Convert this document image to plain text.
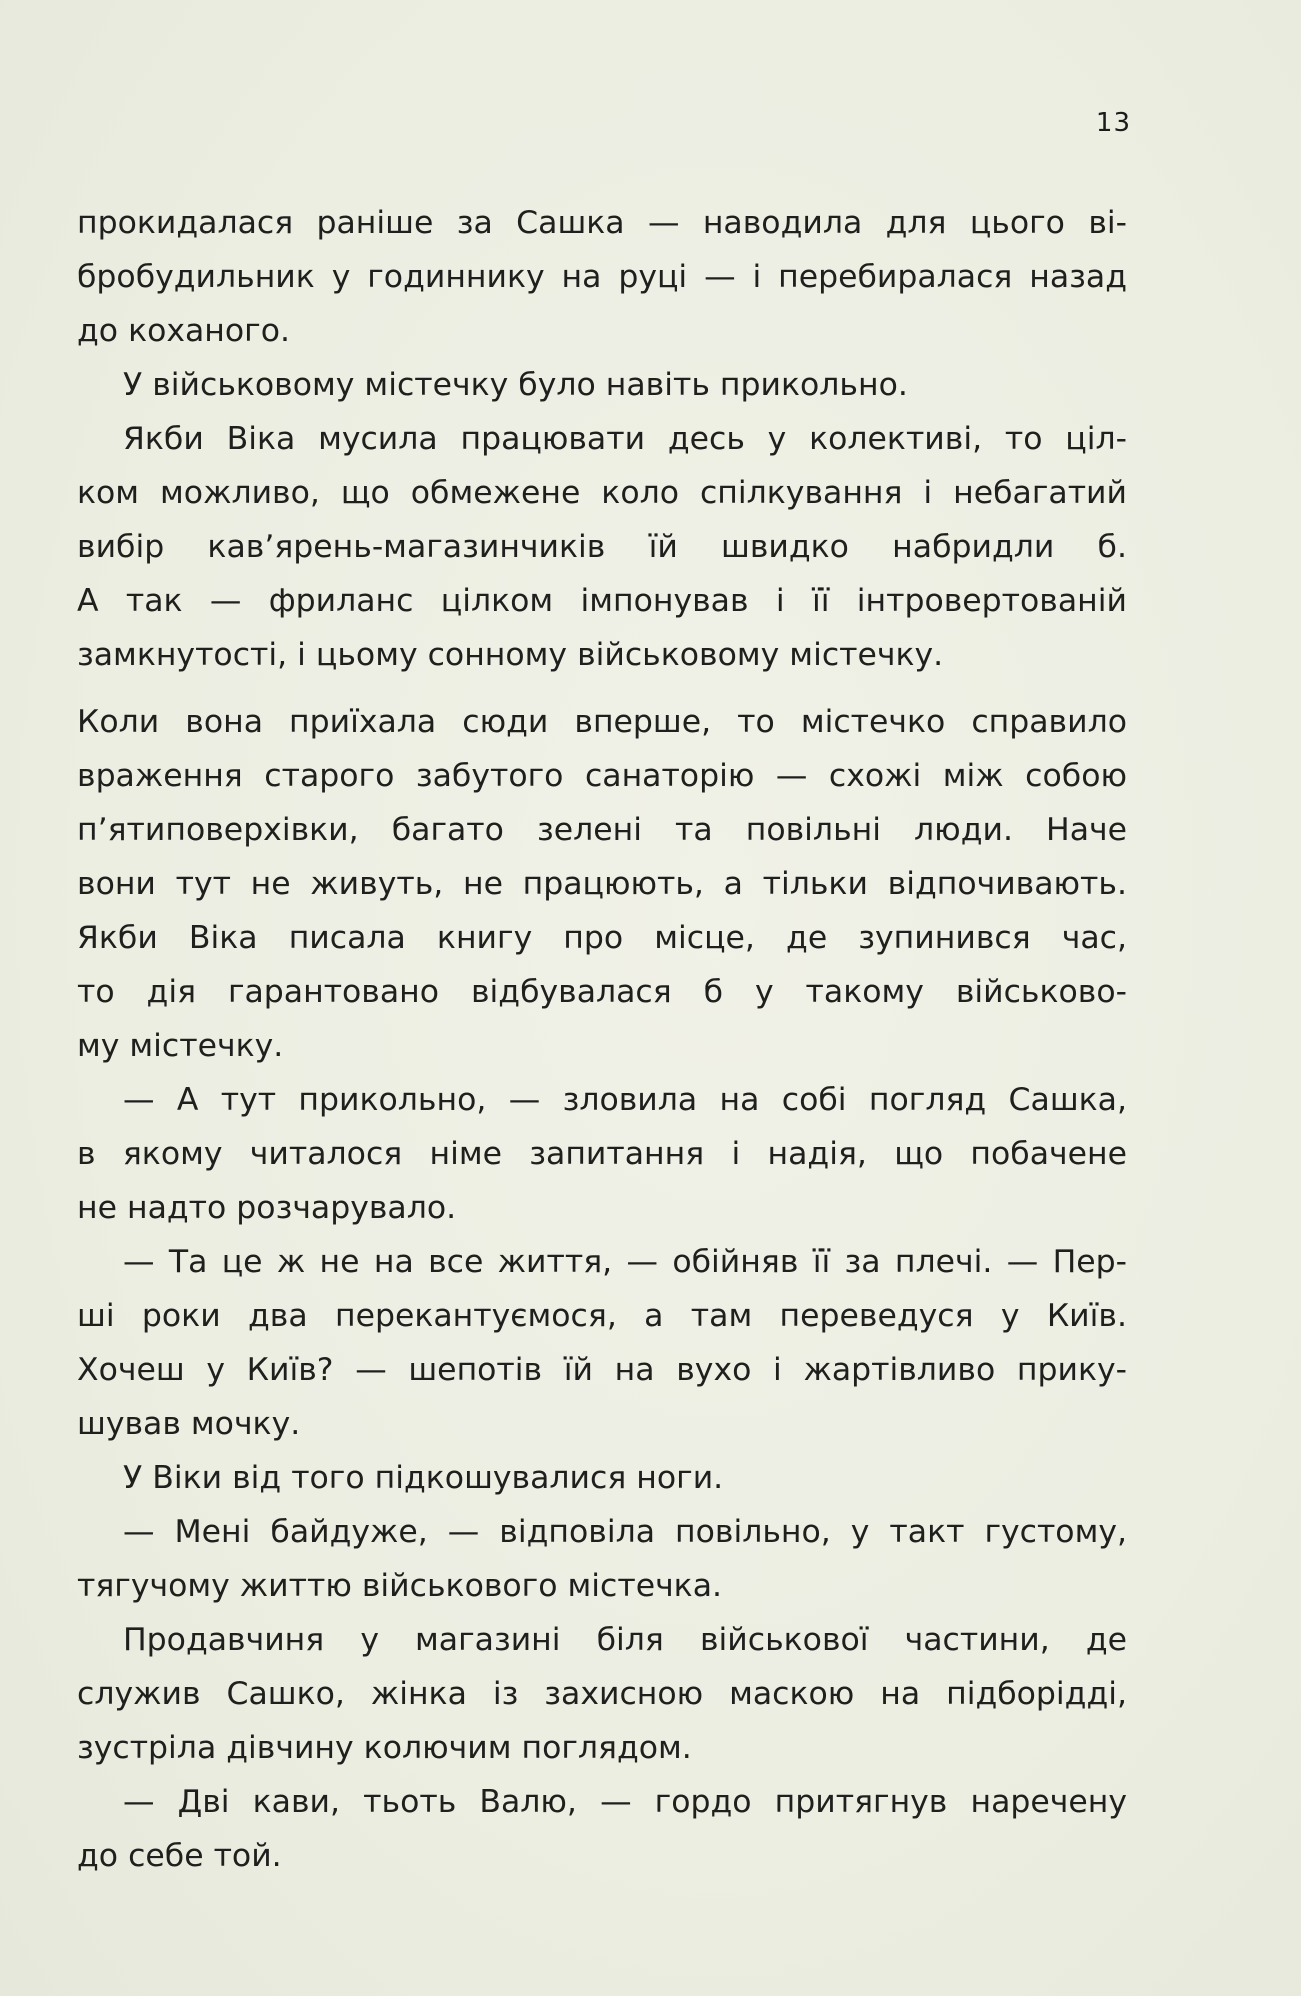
13
прокидалася раніше за Сашка — наводила для цього ві-
бробудильник у годиннику на руці — і перебиралася назад
до коханого.
У військовому містечку було навіть прикольно.
Якби Віка мусила працювати десь у колективі, то цiл-
ком можливо, що обмежене коло спілкування і небагатий
вибір кав’ярень-магазинчиків їй швидко набридли б.
А так — фриланс цілком імпонував і її інтровертованій
замкнутості, і цьому сонному військовому містечку.
Коли вона приїхала сюди вперше, то містечко справило
враження старого забутого санаторію — схожі між собою
п’ятиповерхівки, багато зелені та повільні люди. Наче
вони тут не живуть, не працюють, а тільки відпочивають.
Якби Віка писала книгу про місце, де зупинився час,
то дія гарантовано відбувалася б у такому військово-
му містечку.
— А тут прикольно, — зловила на собі погляд Сашка,
в якому читалося німе запитання і надія, що побачене
не надто розчарувало.
— Та це ж не на все життя, — обійняв її за плечі. — Пер-
ші роки два перекантуємося, а там переведуся у Київ.
Хочеш у Київ? — шепотів їй на вухо і жартівливо прику-
шував мочку.
У Віки від того підкошувалися ноги.
— Мені байдуже, — відповіла повільно, у такт густому,
тягучому життю військового містечка.
Продавчиня у магазині біля військової частини, де
служив Сашко, жінка із захисною маскою на підборідді,
зустріла дівчину колючим поглядом.
— Дві кави, тьоть Валю, — гордо притягнув наречену
до себе той.
